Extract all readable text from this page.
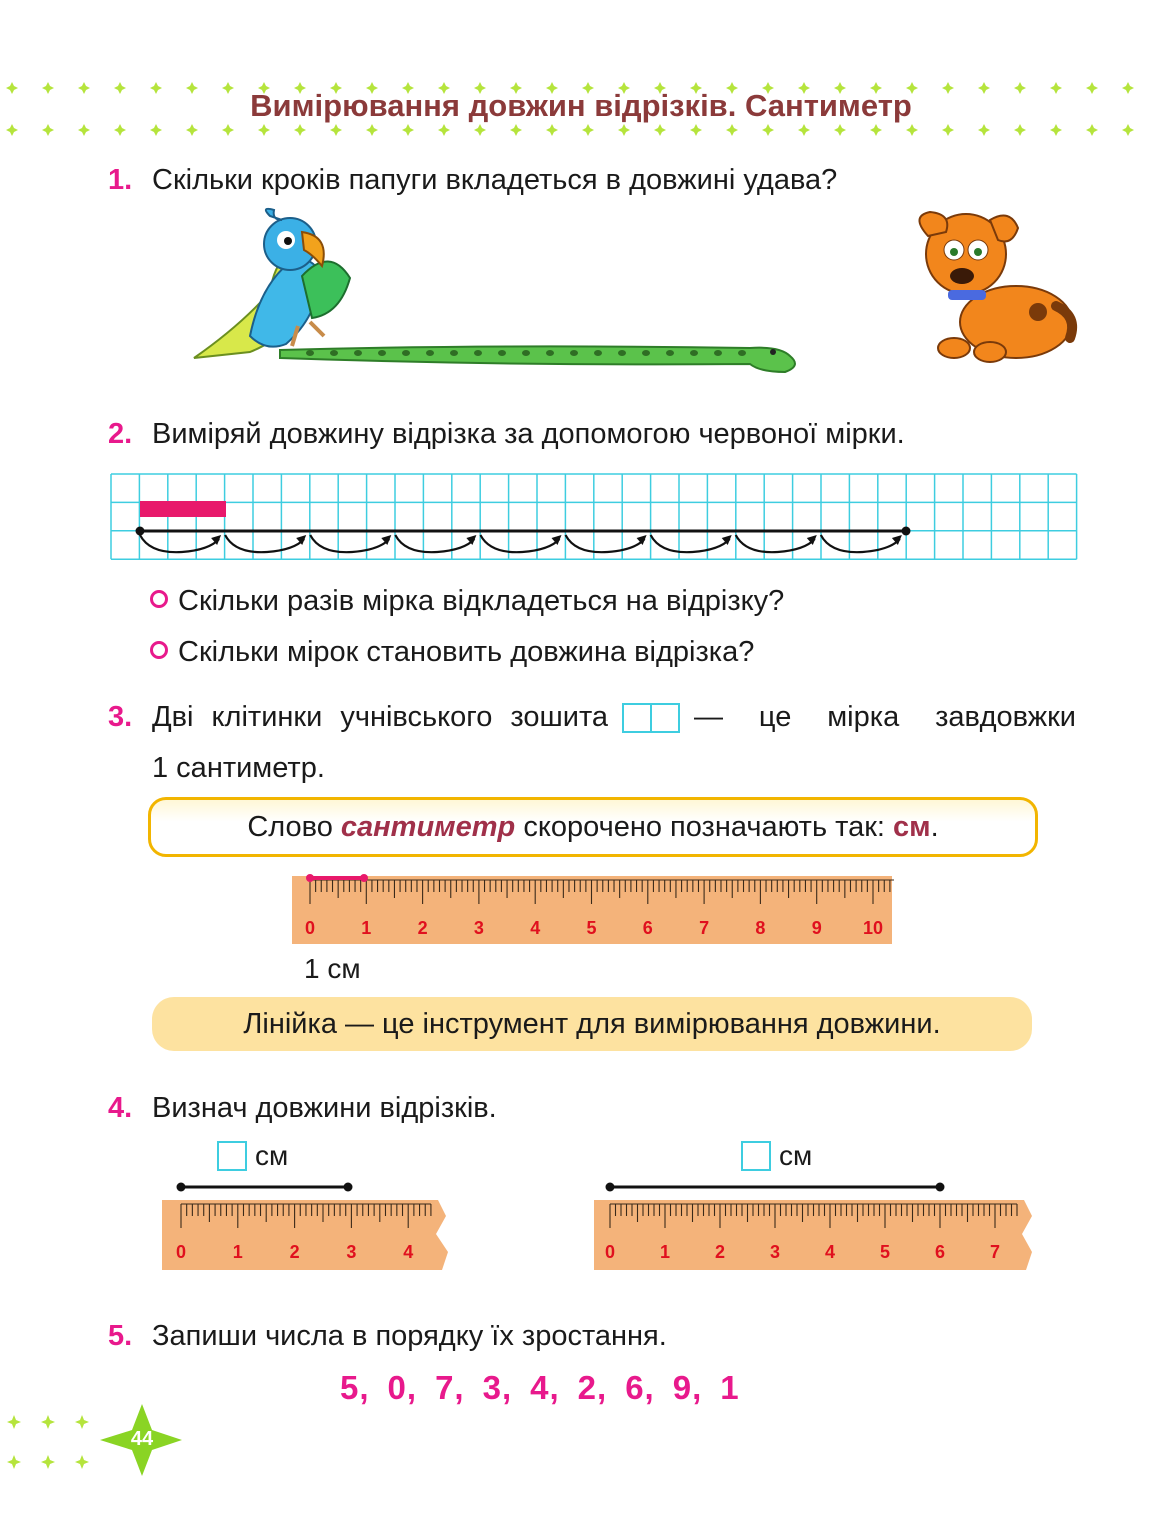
Вимірювання довжин відрізків. Сантиметр
1. Скільки кроків папуги вкладеться в довжині удава?
2. Виміряй довжину відрізка за допомогою червоної мірки.
Скільки разів мірка відкладеться на відрізку?
Скільки мірок становить довжина відрізка?
3. Дві клітинки учнівського зошита	— це мірка завдовжки
1 сантиметр.
Слово сантиметр скорочено позначають так: см.
0	1	2	3	4	5	6	7	8	9 10
1 см
Лінійка — це інструмент для вимірювання довжини.
4. Визнач довжини відрізків.
см	см
0	1	2	3	4	0 1 2 3 4 5 6 7
5. Запиши числа в порядку їх зростання.
5, 0, 7, 3, 4, 2, 6, 9, 1
44
